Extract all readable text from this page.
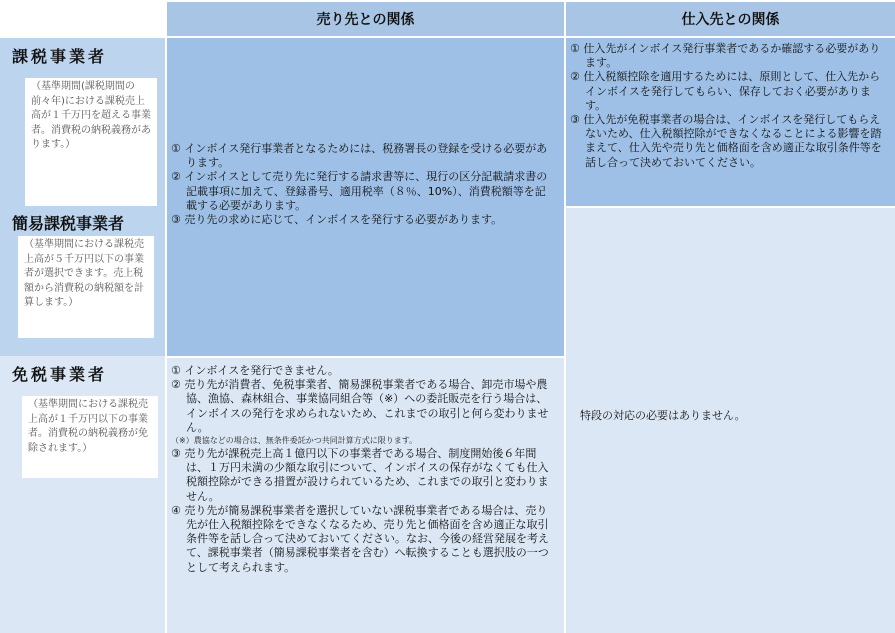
売り先との関係	仕入先との関係
課税事業者
（基準期間(課税期間の前々年)における課税売上高が１千万円を超える事業者。消費税の納税義務があります。）
簡易課税事業者
（基準期間における課税売上高が５千万円以下の事業者が選択できます。売上税額から消費税の納税額を計算します。）
免税事業者
（基準期間における課税売上高が１千万円以下の事業者。消費税の納税義務が免除されます。）
① インボイス発行事業者となるためには、税務署長の登録を受ける必要があります。
② インボイスとして売り先に発行する請求書等に、現行の区分記載請求書の記載事項に加えて、登録番号、適用税率（８％、10%）、消費税額等を記載する必要があります。
③ 売り先の求めに応じて、インボイスを発行する必要があります。
① インボイスを発行できません。
② 売り先が消費者、免税事業者、簡易課税事業者である場合、卸売市場や農協、漁協、森林組合、事業協同組合等（※）への委託販売を行う場合は、インボイスの発行を求められないため、これまでの取引と何ら変わりません。
（※）農協などの場合は、無条件委託かつ共同計算方式に限ります。
③ 売り先が課税売上高１億円以下の事業者である場合、制度開始後６年間は、１万円未満の少額な取引について、インボイスの保存がなくても仕入税額控除ができる措置が設けられているため、これまでの取引と変わりません。
④ 売り先が簡易課税事業者を選択していない課税事業者である場合は、売り先が仕入税額控除をできなくなるため、売り先と価格面を含め適正な取引条件等を話し合って決めておいてください。なお、今後の経営発展を考えて、課税事業者（簡易課税事業者を含む）へ転換することも選択肢の一つとして考えられます。
① 仕入先がインボイス発行事業者であるか確認する必要があります。
② 仕入税額控除を適用するためには、原則として、仕入先からインボイスを発行してもらい、保存しておく必要があります。
③ 仕入先が免税事業者の場合は、インボイスを発行してもらえないため、仕入税額控除ができなくなることによる影響を踏まえて、仕入先や売り先と価格面を含め適正な取引条件等を話し合って決めておいてください。
特段の対応の必要はありません。
